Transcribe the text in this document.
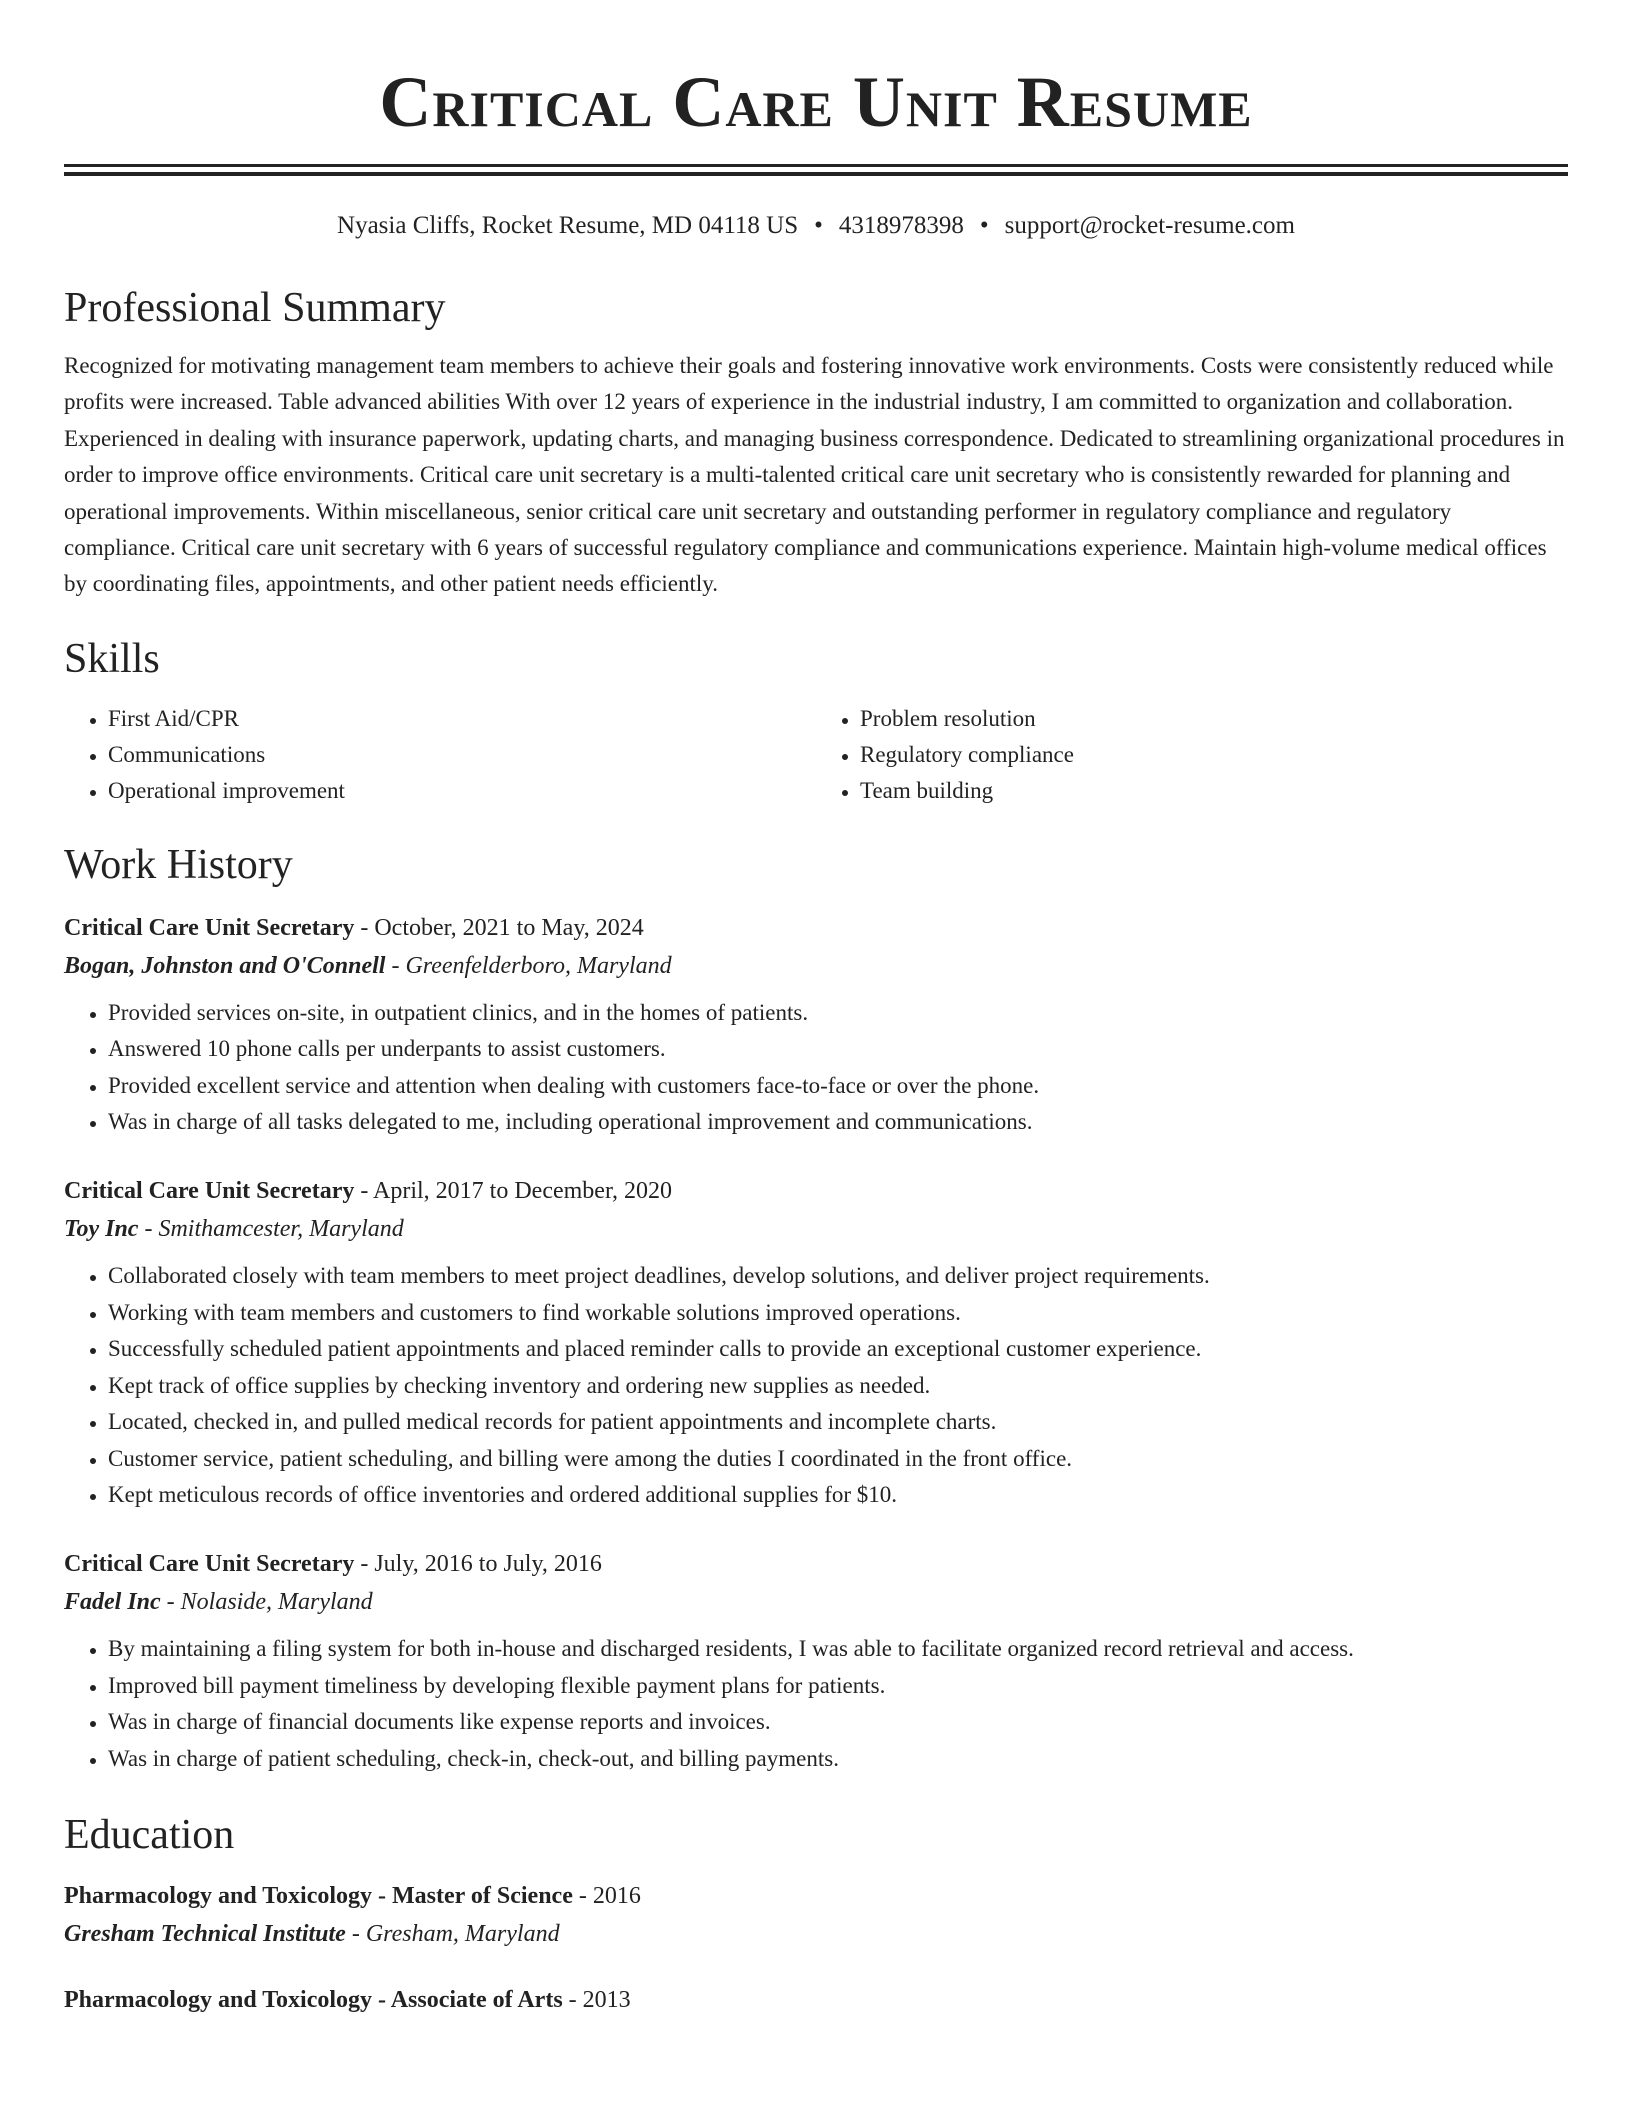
Critical Care Unit Resume
Nyasia Cliffs, Rocket Resume, MD 04118 US • 4318978398 • support@rocket-resume.com
Professional Summary
Recognized for motivating management team members to achieve their goals and fostering innovative work environments. Costs were consistently reduced while profits were increased. Table advanced abilities With over 12 years of experience in the industrial industry, I am committed to organization and collaboration. Experienced in dealing with insurance paperwork, updating charts, and managing business correspondence. Dedicated to streamlining organizational procedures in order to improve office environments. Critical care unit secretary is a multi-talented critical care unit secretary who is consistently rewarded for planning and operational improvements. Within miscellaneous, senior critical care unit secretary and outstanding performer in regulatory compliance and regulatory compliance. Critical care unit secretary with 6 years of successful regulatory compliance and communications experience. Maintain high-volume medical offices by coordinating files, appointments, and other patient needs efficiently.
Skills
• First Aid/CPR
• Communications
• Operational improvement
• Problem resolution
• Regulatory compliance
• Team building
Work History
Critical Care Unit Secretary - October, 2021 to May, 2024
Bogan, Johnston and O'Connell - Greenfelderboro, Maryland
• Provided services on-site, in outpatient clinics, and in the homes of patients.
• Answered 10 phone calls per underpants to assist customers.
• Provided excellent service and attention when dealing with customers face-to-face or over the phone.
• Was in charge of all tasks delegated to me, including operational improvement and communications.
Critical Care Unit Secretary - April, 2017 to December, 2020
Toy Inc - Smithamcester, Maryland
• Collaborated closely with team members to meet project deadlines, develop solutions, and deliver project requirements.
• Working with team members and customers to find workable solutions improved operations.
• Successfully scheduled patient appointments and placed reminder calls to provide an exceptional customer experience.
• Kept track of office supplies by checking inventory and ordering new supplies as needed.
• Located, checked in, and pulled medical records for patient appointments and incomplete charts.
• Customer service, patient scheduling, and billing were among the duties I coordinated in the front office.
• Kept meticulous records of office inventories and ordered additional supplies for $10.
Critical Care Unit Secretary - July, 2016 to July, 2016
Fadel Inc - Nolaside, Maryland
• By maintaining a filing system for both in-house and discharged residents, I was able to facilitate organized record retrieval and access.
• Improved bill payment timeliness by developing flexible payment plans for patients.
• Was in charge of financial documents like expense reports and invoices.
• Was in charge of patient scheduling, check-in, check-out, and billing payments.
Education
Pharmacology and Toxicology - Master of Science - 2016
Gresham Technical Institute - Gresham, Maryland
Pharmacology and Toxicology - Associate of Arts - 2013
